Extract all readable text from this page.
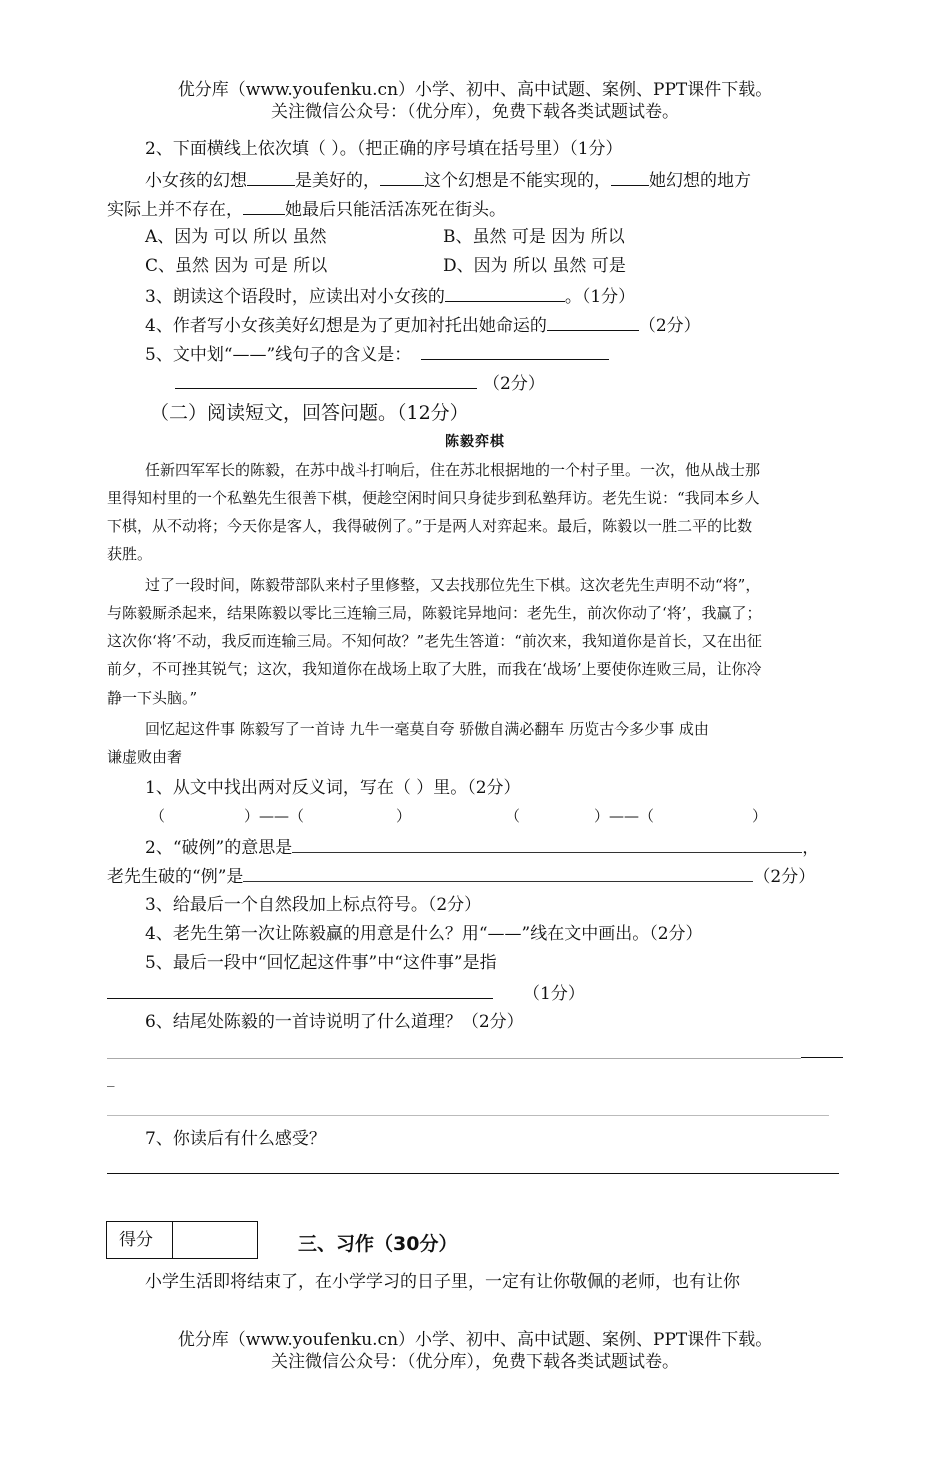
优分库（www.youfenku.cn）小学、初中、高中试题、案例、PPT课件下载。
关注微信公众号：（优分库），免费下载各类试题试卷。
2、下面横线上依次填（ ）。（把正确的序号填在括号里）（1分）
小女孩的幻想	是美好的，	这个幻想是不能实现的， 她幻想的地方
实际上并不存在， 她最后只能活活冻死在街头。
A、因为 可以 所以 虽然	B、虽然 可是 因为 所以
C、虽然 因为 可是 所以	D、因为 所以 虽然 可是
3、朗读这个语段时，应读出对小女孩的	。（1分）
4、作者写小女孩美好幻想是为了更加衬托出她命运的	（2分）
5、文中划“——”线句子的含义是：
（2分）
（二）阅读短文，回答问题。（12分）
陈毅弈棋
任新四军军长的陈毅，在苏中战斗打响后，住在苏北根据地的一个村子里。一次，他从战士那
里得知村里的一个私塾先生很善下棋，便趁空闲时间只身徒步到私塾拜访。老先生说：“我同本乡人
下棋，从不动将；今天你是客人，我得破例了。”于是两人对弈起来。最后，陈毅以一胜二平的比数
获胜。
过了一段时间，陈毅带部队来村子里修整，又去找那位先生下棋。这次老先生声明不动“将”，
与陈毅厮杀起来，结果陈毅以零比三连输三局，陈毅诧异地问：老先生，前次你动了‘将’，我赢了；
这次你‘将’不动，我反而连输三局。不知何故？”老先生答道：“前次来，我知道你是首长，又在出征
前夕，不可挫其锐气；这次，我知道你在战场上取了大胜，而我在‘战场’上要使你连败三局，让你冷
静一下头脑。”
回忆起这件事 陈毅写了一首诗 九牛一毫莫自夸 骄傲自满必翻车 历览古今多少事 成由
谦虚败由奢
1、从文中找出两对反义词，写在（ ）里。（2分）
（	）——（	）	（	）——（	）
2、“破例”的意思是	，
老先生破的“例”是	（2分）
3、给最后一个自然段加上标点符号。（2分）
4、老先生第一次让陈毅赢的用意是什么？用“——”线在文中画出。（2分）
5、最后一段中“回忆起这件事”中“这件事”是指
（1分）
6、结尾处陈毅的一首诗说明了什么道理？（2分）
_
7、你读后有什么感受？
得分	三、习作（30分）
小学生活即将结束了，在小学学习的日子里，一定有让你敬佩的老师，也有让你
优分库（www.youfenku.cn）小学、初中、高中试题、案例、PPT课件下载。
关注微信公众号：（优分库），免费下载各类试题试卷。
